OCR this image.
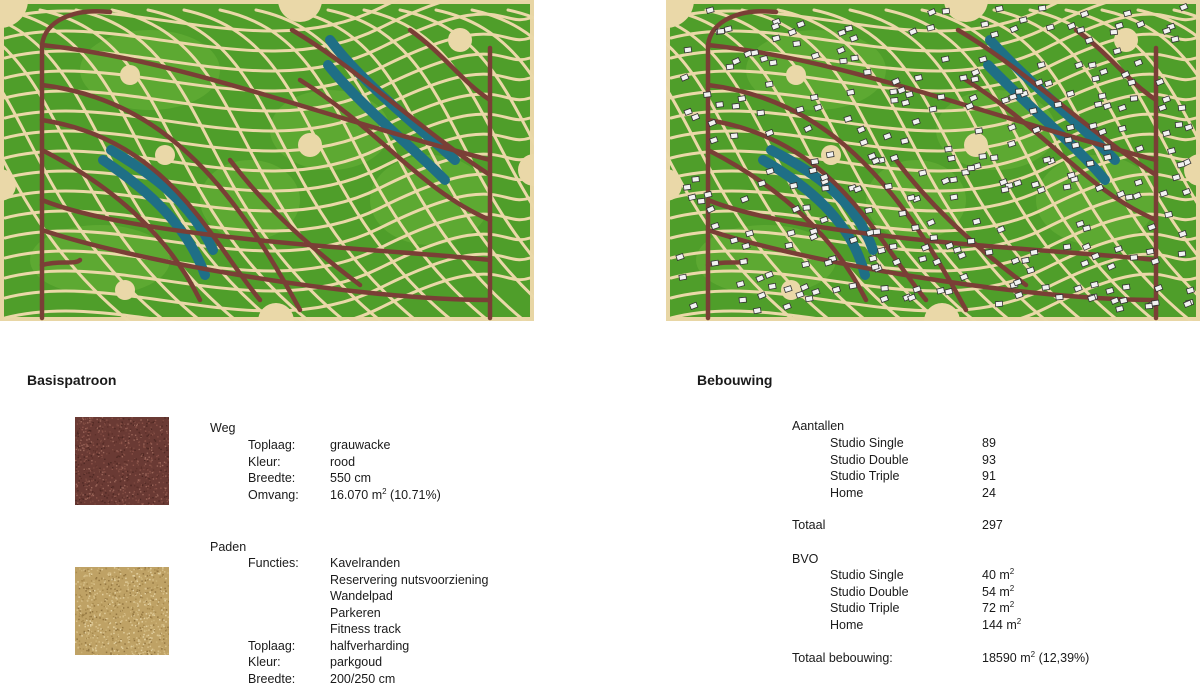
Basispatroon
Weg
Toplaag:	grauwacke
Kleur:	rood
Breedte:	550 cm
Omvang:	16.070 $m^2$ (10.71%)
Paden
Functies:	Kavelranden
Reservering nutsvoorziening
Wandelpad
Parkeren
Fitness track
Toplaag:	halfverharding
Kleur:	parkgoud
Breedte:	200/250 cm
Bebouwing
Aantallen
Studio Single	89
Studio Double	93
Studio Triple	91
Home	24
Totaal	297
BVO
Studio Single	40 $m^2$
Studio Double	54 $m^2$
Studio Triple	72 $m^2$
Home	144 $m^2$
Totaal bebouwing:	18590 $m^2$ (12,39%)
